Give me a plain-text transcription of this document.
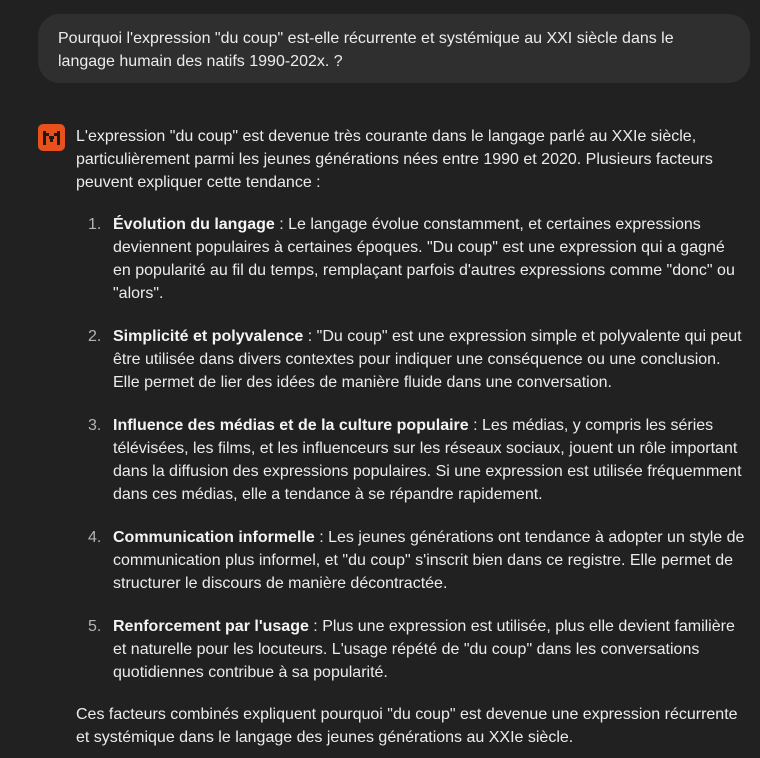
Pourquoi l'expression "du coup" est-elle récurrente et systémique au XXI siècle dans le langage humain des natifs 1990-202x. ?

L'expression "du coup" est devenue très courante dans le langage parlé au XXIe siècle, particulièrement parmi les jeunes générations nées entre 1990 et 2020. Plusieurs facteurs peuvent expliquer cette tendance :

1. Évolution du langage : Le langage évolue constamment, et certaines expressions deviennent populaires à certaines époques. "Du coup" est une expression qui a gagné en popularité au fil du temps, remplaçant parfois d'autres expressions comme "donc" ou "alors".
2. Simplicité et polyvalence : "Du coup" est une expression simple et polyvalente qui peut être utilisée dans divers contextes pour indiquer une conséquence ou une conclusion. Elle permet de lier des idées de manière fluide dans une conversation.
3. Influence des médias et de la culture populaire : Les médias, y compris les séries télévisées, les films, et les influenceurs sur les réseaux sociaux, jouent un rôle important dans la diffusion des expressions populaires. Si une expression est utilisée fréquemment dans ces médias, elle a tendance à se répandre rapidement.
4. Communication informelle : Les jeunes générations ont tendance à adopter un style de communication plus informel, et "du coup" s'inscrit bien dans ce registre. Elle permet de structurer le discours de manière décontractée.
5. Renforcement par l'usage : Plus une expression est utilisée, plus elle devient familière et naturelle pour les locuteurs. L'usage répété de "du coup" dans les conversations quotidiennes contribue à sa popularité.

Ces facteurs combinés expliquent pourquoi "du coup" est devenue une expression récurrente et systémique dans le langage des jeunes générations au XXIe siècle.
